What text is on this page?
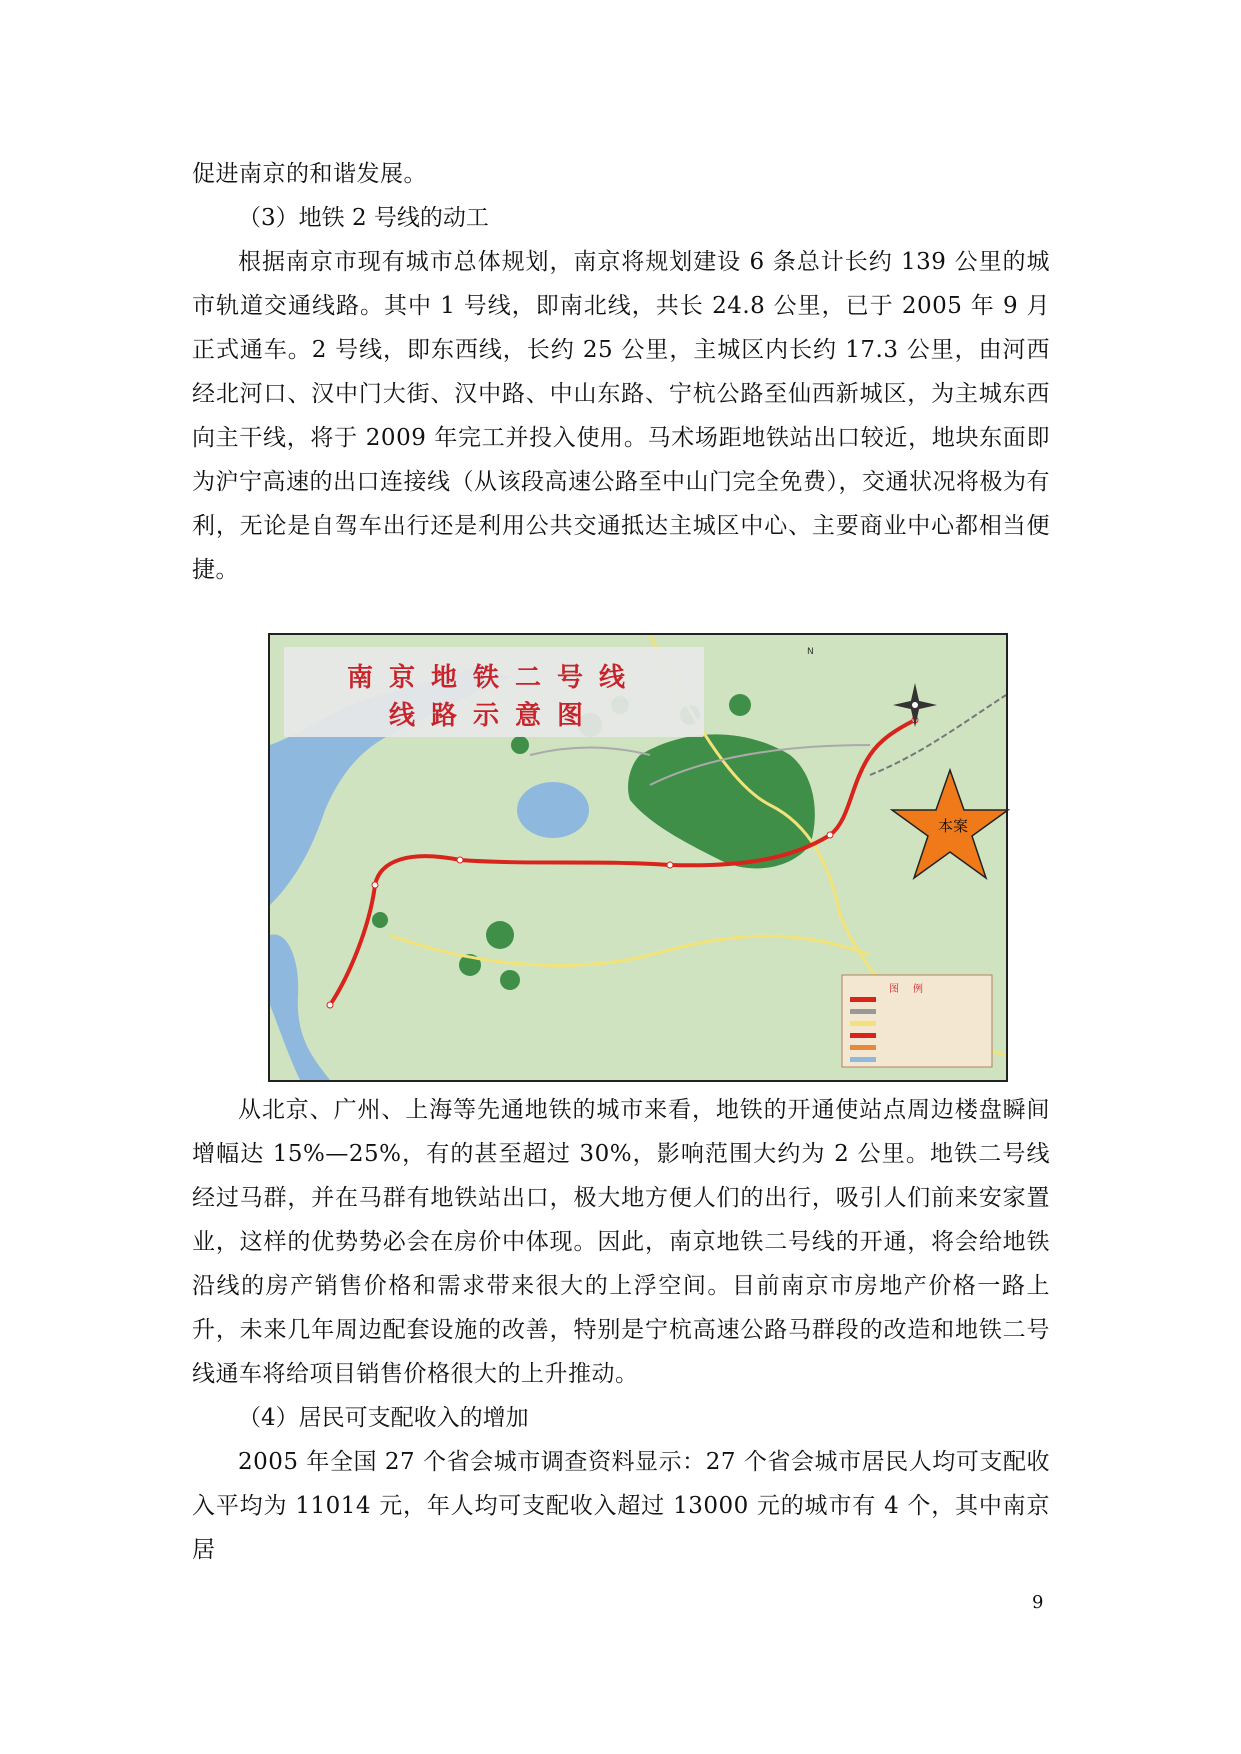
促进南京的和谐发展。

（3）地铁 2 号线的动工

根据南京市现有城市总体规划，南京将规划建设 6 条总计长约 139 公里的城市轨道交通线路。其中 1 号线，即南北线，共长 24.8 公里，已于 2005 年 9 月正式通车。2 号线，即东西线，长约 25 公里，主城区内长约 17.3 公里，由河西经北河口、汉中门大街、汉中路、中山东路、宁杭公路至仙西新城区，为主城东西向主干线，将于 2009 年完工并投入使用。马术场距地铁站出口较近，地块东面即为沪宁高速的出口连接线（从该段高速公路至中山门完全免费），交通状况将极为有利，无论是自驾车出行还是利用公共交通抵达主城区中心、主要商业中心都相当便捷。

南京地铁二号线
线路示意图
图例
N
本案

从北京、广州、上海等先通地铁的城市来看，地铁的开通使站点周边楼盘瞬间增幅达 15%—25%，有的甚至超过 30%，影响范围大约为 2 公里。地铁二号线经过马群，并在马群有地铁站出口，极大地方便人们的出行，吸引人们前来安家置业，这样的优势势必会在房价中体现。因此，南京地铁二号线的开通，将会给地铁沿线的房产销售价格和需求带来很大的上浮空间。目前南京市房地产价格一路上升，未来几年周边配套设施的改善，特别是宁杭高速公路马群段的改造和地铁二号线通车将给项目销售价格很大的上升推动。

（4）居民可支配收入的增加

2005 年全国 27 个省会城市调查资料显示：27 个省会城市居民人均可支配收入平均为 11014 元，年人均可支配收入超过 13000 元的城市有 4 个，其中南京居

9
